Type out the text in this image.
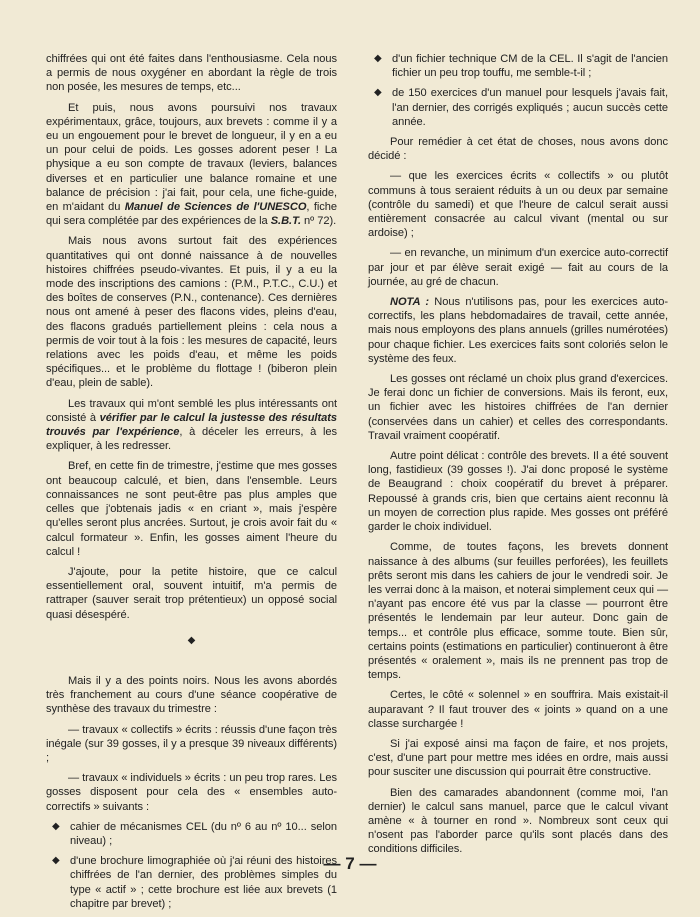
chiffrées qui ont été faites dans l'enthousiasme. Cela nous a permis de nous oxygéner en abordant la règle de trois non posée, les mesures de temps, etc...

Et puis, nous avons poursuivi nos travaux expérimentaux, grâce, toujours, aux brevets : comme il y a eu un engouement pour le brevet de longueur, il y en a eu un pour celui de poids. Les gosses adorent peser ! La physique a eu son compte de travaux (leviers, balances diverses et en particulier une balance romaine et une balance de précision : j'ai fait, pour cela, une fiche-guide, en m'aidant du Manuel de Sciences de l'UNESCO, fiche qui sera complétée par des expériences de la S.B.T. nº 72).

Mais nous avons surtout fait des expériences quantitatives qui ont donné naissance à de nouvelles histoires chiffrées pseudo-vivantes. Et puis, il y a eu la mode des inscriptions des camions : (P.M., P.T.C., C.U.) et des boîtes de conserves (P.N., contenance). Ces dernières nous ont amené à peser des flacons vides, pleins d'eau, des flacons gradués partiellement pleins : cela nous a permis de voir tout à la fois : les mesures de capacité, leurs relations avec les poids d'eau, et même les poids spécifiques... et le problème du flottage ! (biberon plein d'eau, plein de sable).

Les travaux qui m'ont semblé les plus intéressants ont consisté à vérifier par le calcul la justesse des résultats trouvés par l'expérience, à déceler les erreurs, à les expliquer, à les redresser.

Bref, en cette fin de trimestre, j'estime que mes gosses ont beaucoup calculé, et bien, dans l'ensemble. Leurs connaissances ne sont peut-être pas plus amples que celles que j'obtenais jadis « en criant », mais j'espère qu'elles seront plus ancrées. Surtout, je crois avoir fait du « calcul formateur ». Enfin, les gosses aiment l'heure du calcul !

J'ajoute, pour la petite histoire, que ce calcul essentiellement oral, souvent intuitif, m'a permis de rattraper (sauver serait trop prétentieux) un opposé social quasi désespéré.

◆

Mais il y a des points noirs. Nous les avons abordés très franchement au cours d'une séance coopérative de synthèse des travaux du trimestre :

— travaux « collectifs » écrits : réussis d'une façon très inégale (sur 39 gosses, il y a presque 39 niveaux différents) ;

— travaux « individuels » écrits : un peu trop rares. Les gosses disposent pour cela des « ensembles auto-correctifs » suivants :

◆ cahier de mécanismes CEL (du nº 6 au nº 10... selon niveau) ;

◆ d'une brochure limographiée où j'ai réuni des histoires chiffrées de l'an dernier, des problèmes simples du type « actif » ; cette brochure est liée aux brevets (1 chapitre par brevet) ;

◆ d'un fichier technique CM de la CEL. Il s'agit de l'ancien fichier un peu trop touffu, me semble-t-il ;

◆ de 150 exercices d'un manuel pour lesquels j'avais fait, l'an dernier, des corrigés expliqués ; aucun succès cette année.

Pour remédier à cet état de choses, nous avons donc décidé :

— que les exercices écrits « collectifs » ou plutôt communs à tous seraient réduits à un ou deux par semaine (contrôle du samedi) et que l'heure de calcul serait aussi entièrement consacrée au calcul vivant (mental ou sur ardoise) ;

— en revanche, un minimum d'un exercice auto-correctif par jour et par élève serait exigé — fait au cours de la journée, au gré de chacun.

NOTA : Nous n'utilisons pas, pour les exercices auto-correctifs, les plans hebdomadaires de travail, cette année, mais nous employons des plans annuels (grilles numérotées) pour chaque fichier. Les exercices faits sont coloriés selon le système des feux.

Les gosses ont réclamé un choix plus grand d'exercices. Je ferai donc un fichier de conversions. Mais ils feront, eux, un fichier avec les histoires chiffrées de l'an dernier (conservées dans un cahier) et celles des correspondants. Travail vraiment coopératif.

Autre point délicat : contrôle des brevets. Il a été souvent long, fastidieux (39 gosses !). J'ai donc proposé le système de Beaugrand : choix coopératif du brevet à préparer. Repoussé à grands cris, bien que certains aient reconnu là un moyen de correction plus rapide. Mes gosses ont préféré garder le choix individuel.

Comme, de toutes façons, les brevets donnent naissance à des albums (sur feuilles perforées), les feuillets prêts seront mis dans les cahiers de jour le vendredi soir. Je les verrai donc à la maison, et noterai simplement ceux qui — n'ayant pas encore été vus par la classe — pourront être présentés le lendemain par leur auteur. Donc gain de temps... et contrôle plus efficace, somme toute. Bien sûr, certains points (estimations en particulier) continueront à être présentés « oralement », mais ils ne prennent pas trop de temps.

Certes, le côté « solennel » en souffrira. Mais existait-il auparavant ? Il faut trouver des « joints » quand on a une classe surchargée !

Si j'ai exposé ainsi ma façon de faire, et nos projets, c'est, d'une part pour mettre mes idées en ordre, mais aussi pour susciter une discussion qui pourrait être constructive.

Bien des camarades abandonnent (comme moi, l'an dernier) le calcul sans manuel, parce que le calcul vivant amène « à tourner en rond ». Nombreux sont ceux qui n'osent pas l'aborder parce qu'ils sont placés dans des conditions difficiles.

— 7 —
